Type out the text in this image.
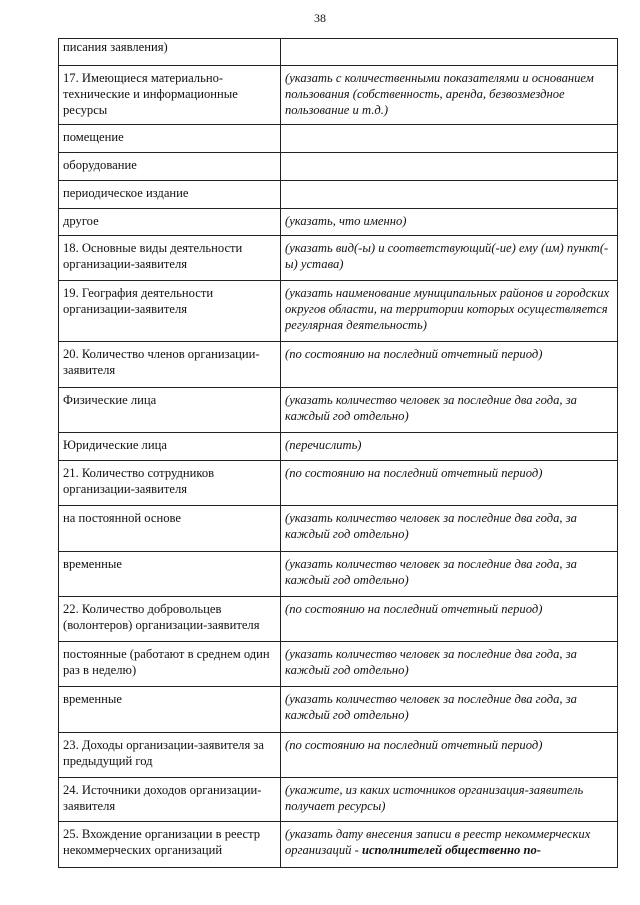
38
писания заявления)	

17. Имеющиеся материально-технические и информационные ресурсы	(указать с количественными показателями и основанием пользования (собственность, аренда, безвозмездное пользование и т.д.)
помещение	
оборудование	
периодическое издание	
другое	(указать, что именно)
18. Основные виды деятельности организации-заявителя	(указать вид(-ы) и соответствующий(-ие) ему (им) пункт(-ы) устава)
19. География деятельности организации-заявителя	(указать наименование муниципальных районов и городских округов области, на территории которых осуществляется регулярная деятельность)
20. Количество членов организации-заявителя	(по состоянию на последний отчетный период)
Физические лица	(указать количество человек за последние два года, за каждый год отдельно)
Юридические лица	(перечислить)
21. Количество сотрудников организации-заявителя	(по состоянию на последний отчетный период)
на постоянной основе	(указать количество человек за последние два года, за каждый год отдельно)
временные	(указать количество человек за последние два года, за каждый год отдельно)
22. Количество добровольцев (волонтеров) организации-заявителя	(по состоянию на последний отчетный период)
постоянные (работают в среднем один раз в неделю)	(указать количество человек за последние два года, за каждый год отдельно)
временные	(указать количество человек за последние два года, за каждый год отдельно)
23. Доходы организации-заявителя за предыдущий год	(по состоянию на последний отчетный период)
24. Источники доходов организации-заявителя	(укажите, из каких источников организация-заявитель получает ресурсы)
25. Вхождение организации в реестр некоммерческих организаций	(указать дату внесения записи в реестр некоммерческих организаций - исполнителей общественно по-
